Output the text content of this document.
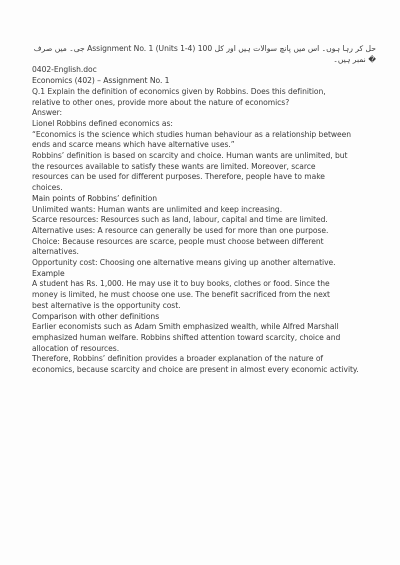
حل کر رہا ہوں۔ اس میں پانچ سوالات ہیں اور کل 100 Assignment No. 1 (Units 1-4) جی۔ میں صرف
� نمبر ہیں۔
0402-English.doc
Economics (402) – Assignment No. 1
Q.1 Explain the definition of economics given by Robbins. Does this definition,
relative to other ones, provide more about the nature of economics?
Answer:
Lionel Robbins defined economics as:
“Economics is the science which studies human behaviour as a relationship between
ends and scarce means which have alternative uses.”
Robbins’ definition is based on scarcity and choice. Human wants are unlimited, but
the resources available to satisfy these wants are limited. Moreover, scarce
resources can be used for different purposes. Therefore, people have to make
choices.
Main points of Robbins’ definition
Unlimited wants: Human wants are unlimited and keep increasing.
Scarce resources: Resources such as land, labour, capital and time are limited.
Alternative uses: A resource can generally be used for more than one purpose.
Choice: Because resources are scarce, people must choose between different
alternatives.
Opportunity cost: Choosing one alternative means giving up another alternative.
Example
A student has Rs. 1,000. He may use it to buy books, clothes or food. Since the
money is limited, he must choose one use. The benefit sacrificed from the next
best alternative is the opportunity cost.
Comparison with other definitions
Earlier economists such as Adam Smith emphasized wealth, while Alfred Marshall
emphasized human welfare. Robbins shifted attention toward scarcity, choice and
allocation of resources.
Therefore, Robbins’ definition provides a broader explanation of the nature of
economics, because scarcity and choice are present in almost every economic activity.
